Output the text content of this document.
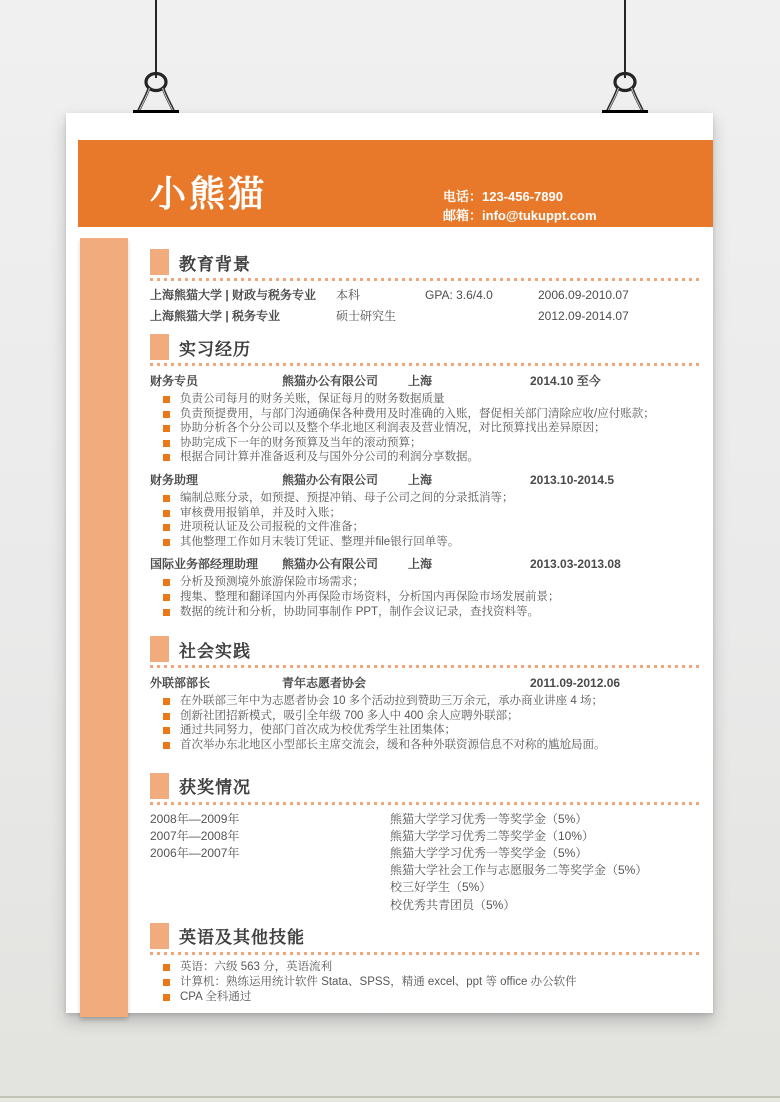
小熊猫	电话：123-456-7890
邮箱：info@tukuppt.com
教育背景
上海熊猫大学 | 财政与税务专业	本科	GPA: 3.6/4.0	2006.09-2010.07
上海熊猫大学 | 税务专业	硕士研究生	2012.09-2014.07
实习经历
财务专员	熊猫办公有限公司	上海	2014.10 至今
负责公司每月的财务关账，保证每月的财务数据质量
负责预提费用，与部门沟通确保各种费用及时准确的入账，督促相关部门清除应收/应付账款；
协助分析各个分公司以及整个华北地区利润表及营业情况，对比预算找出差异原因；
协助完成下一年的财务预算及当年的滚动预算；
根据合同计算并准备返利及与国外分公司的利润分享数据。
财务助理	熊猫办公有限公司	上海	2013.10-2014.5
编制总账分录，如预提、预提冲销、母子公司之间的分录抵消等；
审核费用报销单，并及时入账；
进项税认证及公司报税的文件准备；
其他整理工作如月末装订凭证、整理并file银行回单等。
国际业务部经理助理	熊猫办公有限公司	上海	2013.03-2013.08
分析及预测境外旅游保险市场需求；
搜集、整理和翻译国内外再保险市场资料，分析国内再保险市场发展前景；
数据的统计和分析，协助同事制作 PPT，制作会议记录，查找资料等。
社会实践
外联部部长	青年志愿者协会	2011.09-2012.06
在外联部三年中为志愿者协会 10 多个活动拉到赞助三万余元，承办商业讲座 4 场；
创新社团招新模式，吸引全年级 700 多人中 400 余人应聘外联部；
通过共同努力，使部门首次成为校优秀学生社团集体；
首次举办东北地区小型部长主席交流会，缓和各种外联资源信息不对称的尴尬局面。
获奖情况
2008年—2009年	熊猫大学学习优秀一等奖学金（5%）
2007年—2008年	熊猫大学学习优秀二等奖学金（10%）
2006年—2007年	熊猫大学学习优秀一等奖学金（5%）
熊猫大学社会工作与志愿服务二等奖学金（5%）
校三好学生（5%）
校优秀共青团员（5%）
英语及其他技能
英语：六级 563 分，英语流利
计算机：熟练运用统计软件 Stata、SPSS，精通 excel、ppt 等 office 办公软件
CPA 全科通过
